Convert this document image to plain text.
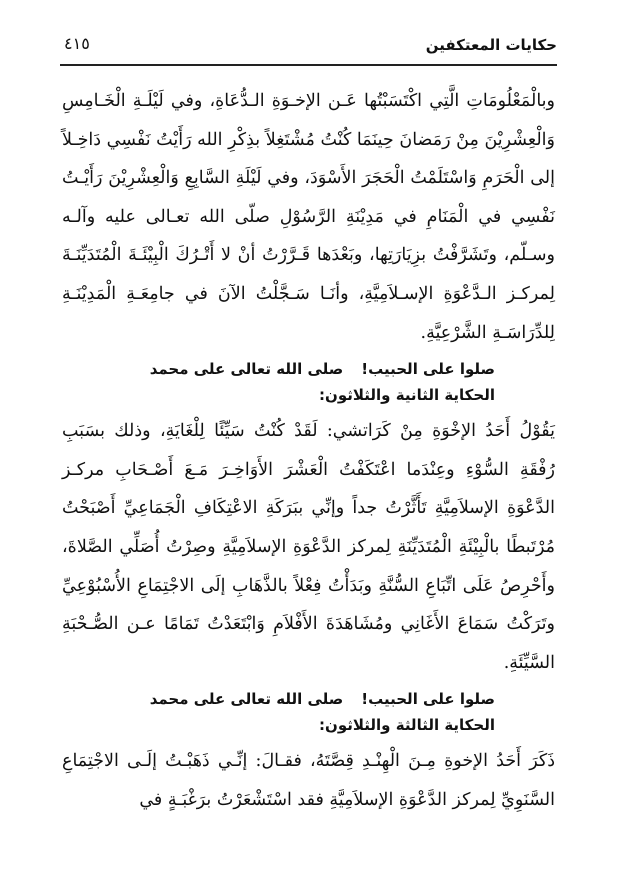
حكايات المعتكفين
٤١٥

وبالْمَعْلُومَاتِ الَّتِي اكْتَسَبْتُها عَـن الإخـوَةِ الـدُّعَاةِ، وفي لَيْلَـةِ الْخَـامِسِ وَالْعِشْرِيْنَ مِنْ رَمَضانَ حِينَمَا كُنْتُ مُشْتَغِلاً بذِكْرِ الله رَأَيْتُ نَفْسِي دَاخِـلاً إلى الْحَرَمِ وَاسْتَلَمْتُ الْحَجَرَ الأَسْوَدَ، وفي لَيْلَةِ السَّابِعِ وَالْعِشْرِيْنَ رَأَيْـتُ نَفْسِي في الْمَنَامِ في مَدِيْنَةِ الرَّسُوْلِ صلّى الله تعـالى عليه وآلـه وسـلّم، وتَشَرَّفْتُ بزِيَارَتِها، وبَعْدَها قَـرَّرْتُ أنْ لا أَتْـرُكَ الْبِيْئَـةَ الْمُتَدَيِّنَـةَ لِمركـز الـدَّعْوَةِ الإسـلاَمِيَّةِ، وأنَـا سَـجَّلْتُ الآنَ في جامِعَـةِ الْمَدِيْنَـةِ لِلدِّرَاسَـةِ الشَّرْعِيَّةِ.

صلوا على الحبيب!صلى الله تعالى على محمد
الحكاية الثانية والثلاثون:

يَقُوْلُ أَحَدُ الإخْوَةِ مِنْ كَرَاتشي: لَقَدْ كُنْتُ سَيِّئًا لِلْغَايَةِ، وذلك بسَبَبِ رُفْقَةِ السُّوْءِ وعِنْدَما اعْتَكَفْتُ الْعَشْرَ الأَوَاخِـرَ مَـعَ أَصْـحَابِ مركـز الدَّعْوَةِ الإسلاَمِيَّةِ تَأَثَّرْتُ جداً وإنِّي ببَرَكَةِ الاعْتِكَافِ الْجَمَاعِيِّ أَصْبَحْتُ مُرْتَبطًا بالْبِيْئَةِ الْمُتَدَيِّنَةِ لِمركز الدَّعْوَةِ الإسلاَمِيَّةِ وصِرْتُ أُصَلِّي الصَّلاةَ، وأَحْرِصُ عَلَى اتِّبَاعِ السُّنَّةِ وبَدَأْتُ فِعْلاً بالذَّهَابِ إلَى الاجْتِمَاعِ الأُسْبُوْعِيِّ وتَرَكْتُ سَمَاعَ الأَغَانِي ومُشَاهَدَةَ الأَفْلاَمِ وَابْتَعَدْتُ تَمَامًا عـن الصُّـحْبَةِ السَّيِّئَةِ.

صلوا على الحبيب!صلى الله تعالى على محمد
الحكاية الثالثة والثلاثون:

ذَكَرَ أَحَدُ الإخوةِ مِـنَ الْهِنْـدِ قِصَّتَهُ، فقـالَ: إنِّـي ذَهَبْـتُ إلَـى الاجْتِمَاعِ السَّنَوِيِّ لِمركز الدَّعْوَةِ الإسلاَمِيَّةِ فقد اسْتَشْعَرْتُ برَغْبَـةٍ في
